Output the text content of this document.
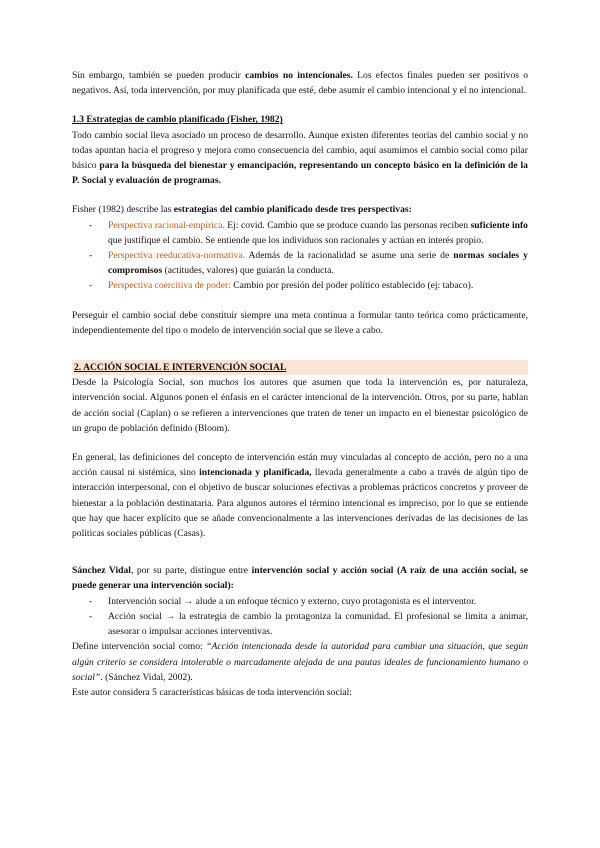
Sin embargo, también se pueden producir cambios no intencionales. Los efectos finales pueden ser positivos o negativos. Así, toda intervención, por muy planificada que esté, debe asumir el cambio intencional y el no intencional.

1.3 Estrategias de cambio planificado (Fisher, 1982)

Todo cambio social lleva asociado un proceso de desarrollo. Aunque existen diferentes teorías del cambio social y no todas apuntan hacia el progreso y mejora como consecuencia del cambio, aquí asumimos el cambio social como pilar básico para la búsqueda del bienestar y emancipación, representando un concepto básico en la definición de la P. Social y evaluación de programas.

Fisher (1982) describe las estrategias del cambio planificado desde tres perspectivas:

- Perspectiva racional-empírica. Ej: covid. Cambio que se produce cuando las personas reciben suficiente info que justifique el cambio. Se entiende que los individuos son racionales y actúan en interés propio.
- Perspectiva reeducativa-normativa. Además de la racionalidad se asume una serie de normas sociales y compromisos (actitudes, valores) que guiarán la conducta.
- Perspectiva coercitiva de poder: Cambio por presión del poder político establecido (ej: tabaco).

Perseguir el cambio social debe constituir siempre una meta continua a formular tanto teórica como prácticamente, independientemente del tipo o modelo de intervención social que se lleve a cabo.

2. ACCIÓN SOCIAL E INTERVENCIÓN SOCIAL

Desde la Psicología Social, son muchos los autores que asumen que toda la intervención es, por naturaleza, intervención social. Algunos ponen el énfasis en el carácter intencional de la intervención. Otros, por su parte, hablan de acción social (Caplan) o se refieren a intervenciones que traten de tener un impacto en el bienestar psicológico de un grupo de población definido (Bloom).

En general, las definiciones del concepto de intervención están muy vinculadas al concepto de acción, pero no a una acción causal ni sistémica, sino intencionada y planificada, llevada generalmente a cabo a través de algún tipo de interacción interpersonal, con el objetivo de buscar soluciones efectivas a problemas prácticos concretos y proveer de bienestar a la población destinataria. Para algunos autores el término intencional es impreciso, por lo que se entiende que hay que hacer explícito que se añade convencionalmente a las intervenciones derivadas de las decisiones de las políticas sociales públicas (Casas).

Sánchez Vidal, por su parte, distingue entre intervención social y acción social (A raíz de una acción social, se puede generar una intervención social):

- Intervención social → alude a un enfoque técnico y externo, cuyo protagonista es el interventor.
- Acción social → la estrategia de cambio la protagoniza la comunidad. El profesional se limita a animar, asesorar o impulsar acciones interventivas.

Define intervención social como: “Acción intencionada desde la autoridad para cambiar una situación, que según algún criterio se considera intolerable o marcadamente alejada de una pautas ideales de funcionamiento humano o social”. (Sánchez Vidal, 2002).

Este autor considera 5 características básicas de toda intervención social:
